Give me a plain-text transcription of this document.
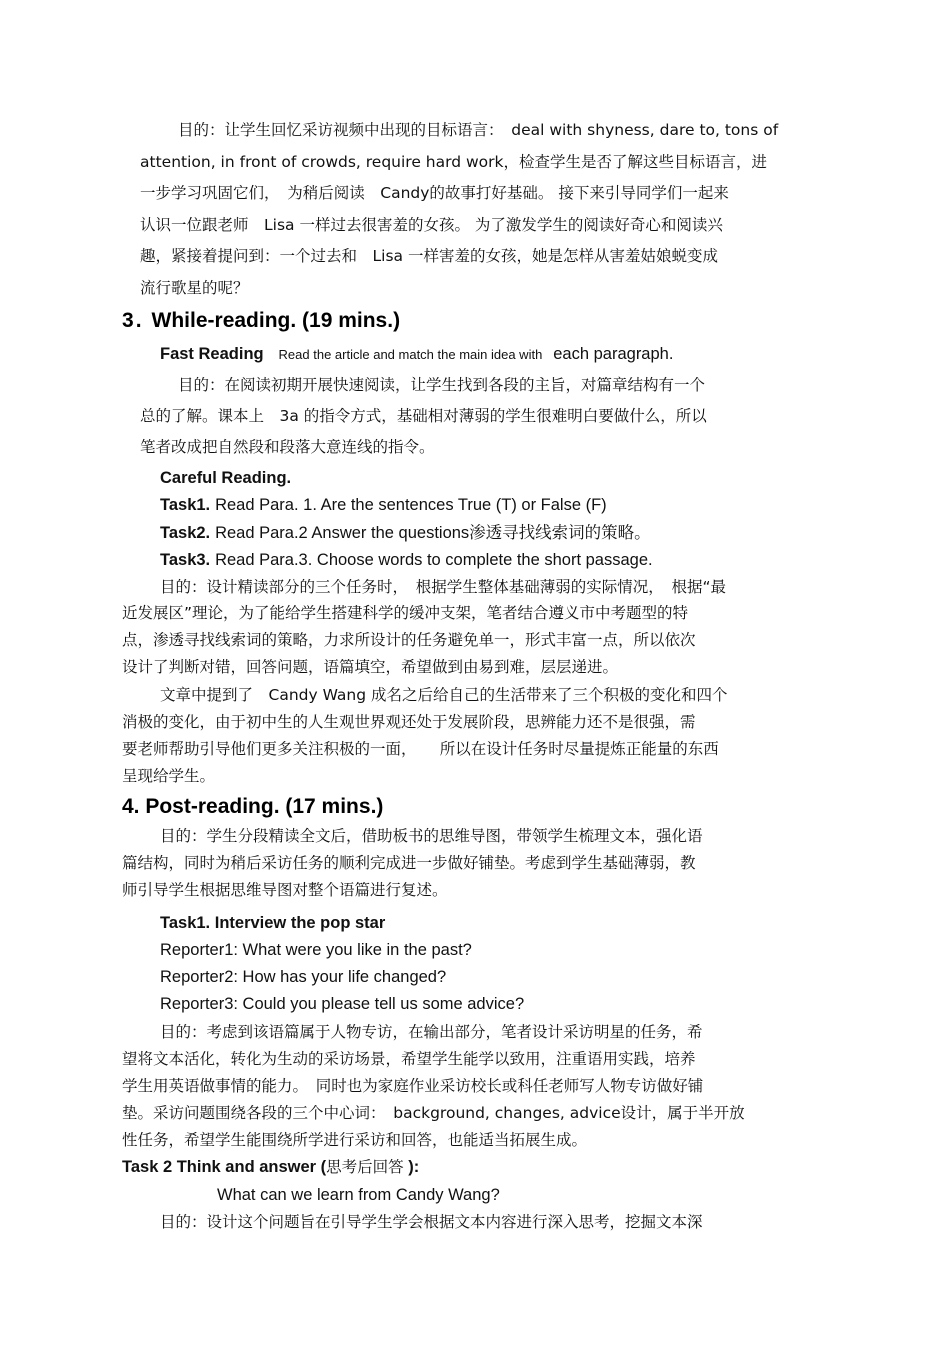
目的：让学生回忆采访视频中出现的目标语言：　deal with shyness, dare to, tons of
attention, in front of crowds, require hard work，检查学生是否了解这些目标语言，进
一步学习巩固它们，　为稍后阅读　Candy的故事打好基础。 接下来引导同学们一起来
认识一位跟老师　Lisa 一样过去很害羞的女孩。 为了激发学生的阅读好奇心和阅读兴
趣，紧接着提问到：一个过去和　Lisa 一样害羞的女孩，她是怎样从害羞姑娘蜕变成
流行歌星的呢？
3. While-reading. (19 mins.)
Fast Reading Read the article and match the main idea with each paragraph.
目的：在阅读初期开展快速阅读，让学生找到各段的主旨，对篇章结构有一个
总的了解。课本上　3a 的指令方式，基础相对薄弱的学生很难明白要做什么，所以
笔者改成把自然段和段落大意连线的指令。
Careful Reading.
Task1. Read Para. 1. Are the sentences True (T) or False (F)
Task2. Read Para.2 Answer the questions渗透寻找线索词的策略。
Task3. Read Para.3. Choose words to complete the short passage.
目的：设计精读部分的三个任务时，　根据学生整体基础薄弱的实际情况，　根据“最
近发展区”理论，为了能给学生搭建科学的缓冲支架，笔者结合遵义市中考题型的特
点，渗透寻找线索词的策略，力求所设计的任务避免单一，形式丰富一点，所以依次
设计了判断对错，回答问题，语篇填空，希望做到由易到难，层层递进。
文章中提到了　Candy Wang 成名之后给自己的生活带来了三个积极的变化和四个
消极的变化，由于初中生的人生观世界观还处于发展阶段，思辨能力还不是很强，需
要老师帮助引导他们更多关注积极的一面，　　所以在设计任务时尽量提炼正能量的东西
呈现给学生。
4. Post-reading. (17 mins.)
目的：学生分段精读全文后，借助板书的思维导图，带领学生梳理文本，强化语
篇结构，同时为稍后采访任务的顺利完成进一步做好铺垫。考虑到学生基础薄弱，教
师引导学生根据思维导图对整个语篇进行复述。
Task1. Interview the pop star
Reporter1: What were you like in the past?
Reporter2: How has your life changed?
Reporter3: Could you please tell us some advice?
目的：考虑到该语篇属于人物专访，在输出部分，笔者设计采访明星的任务，希
望将文本活化，转化为生动的采访场景，希望学生能学以致用，注重语用实践，培养
学生用英语做事情的能力。　同时也为家庭作业采访校长或科任老师写人物专访做好铺
垫。采访问题围绕各段的三个中心词：　background, changes, advice设计，属于半开放
性任务，希望学生能围绕所学进行采访和回答，也能适当拓展生成。
Task 2 Think and answer (思考后回答 ):
What can we learn from Candy Wang?
目的：设计这个问题旨在引导学生学会根据文本内容进行深入思考，挖掘文本深
